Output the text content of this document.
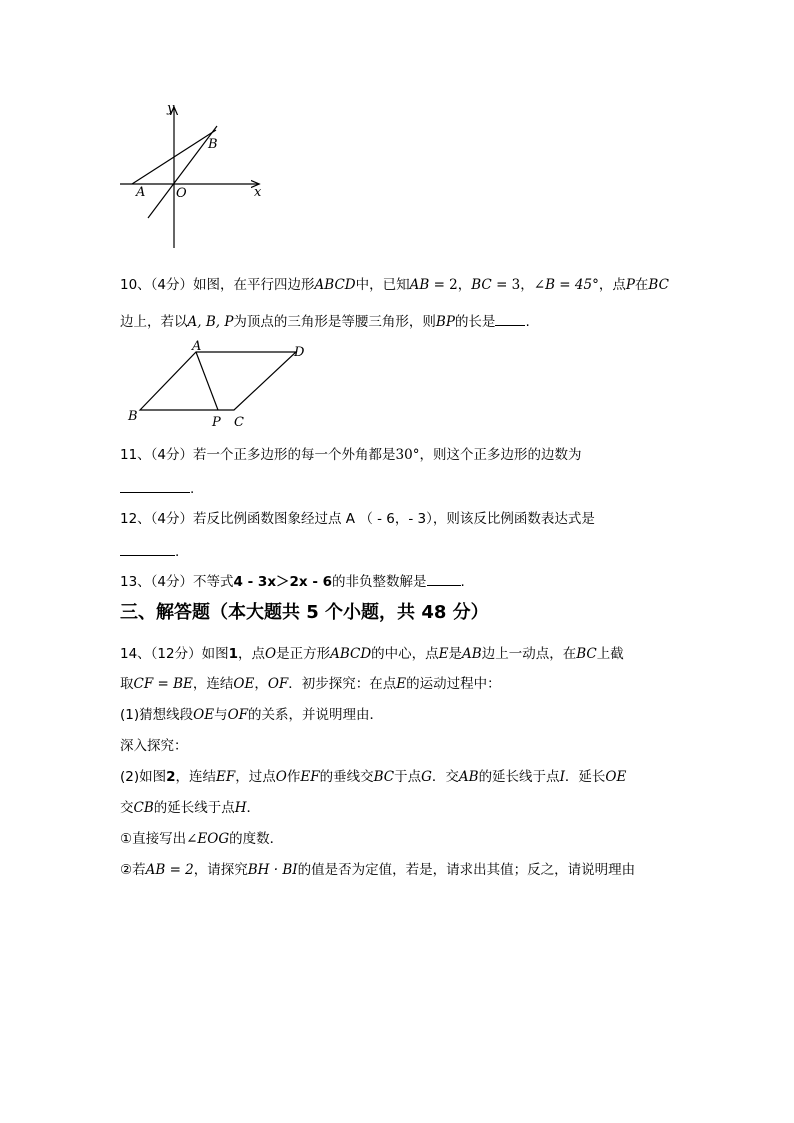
y
x
A O
B
10、（4分）如图，在平行四边形ABCD中，已知AB = 2，BC = 3，∠B = 45°，点P在BC
边上，若以A, B, P为顶点的三角形是等腰三角形，则BP的长是 .
A	D
B	P C
11、（4分）若一个正多边形的每一个外角都是30°，则这个正多边形的边数为
.
12、（4分）若反比例函数图象经过点 A （ - 6，- 3），则该反比例函数表达式是
.
13、（4分）不等式4 - 3x＞2x - 6的非负整数解是	.
三、解答题（本大题共 5 个小题，共 48 分）
14、（12分）如图1，点O是正方形ABCD的中心，点E是AB边上一动点，在BC上截
取CF = BE，连结OE，OF．初步探究：在点E的运动过程中：
(1)猜想线段OE与OF的关系，并说明理由．
深入探究：
(2)如图2，连结EF，过点O作EF的垂线交BC于点G．交AB的延长线于点I．延长OE
交CB的延长线于点H．
①直接写出∠EOG的度数．
②若AB = 2，请探究BH · BI的值是否为定值，若是，请求出其值；反之，请说明理由
